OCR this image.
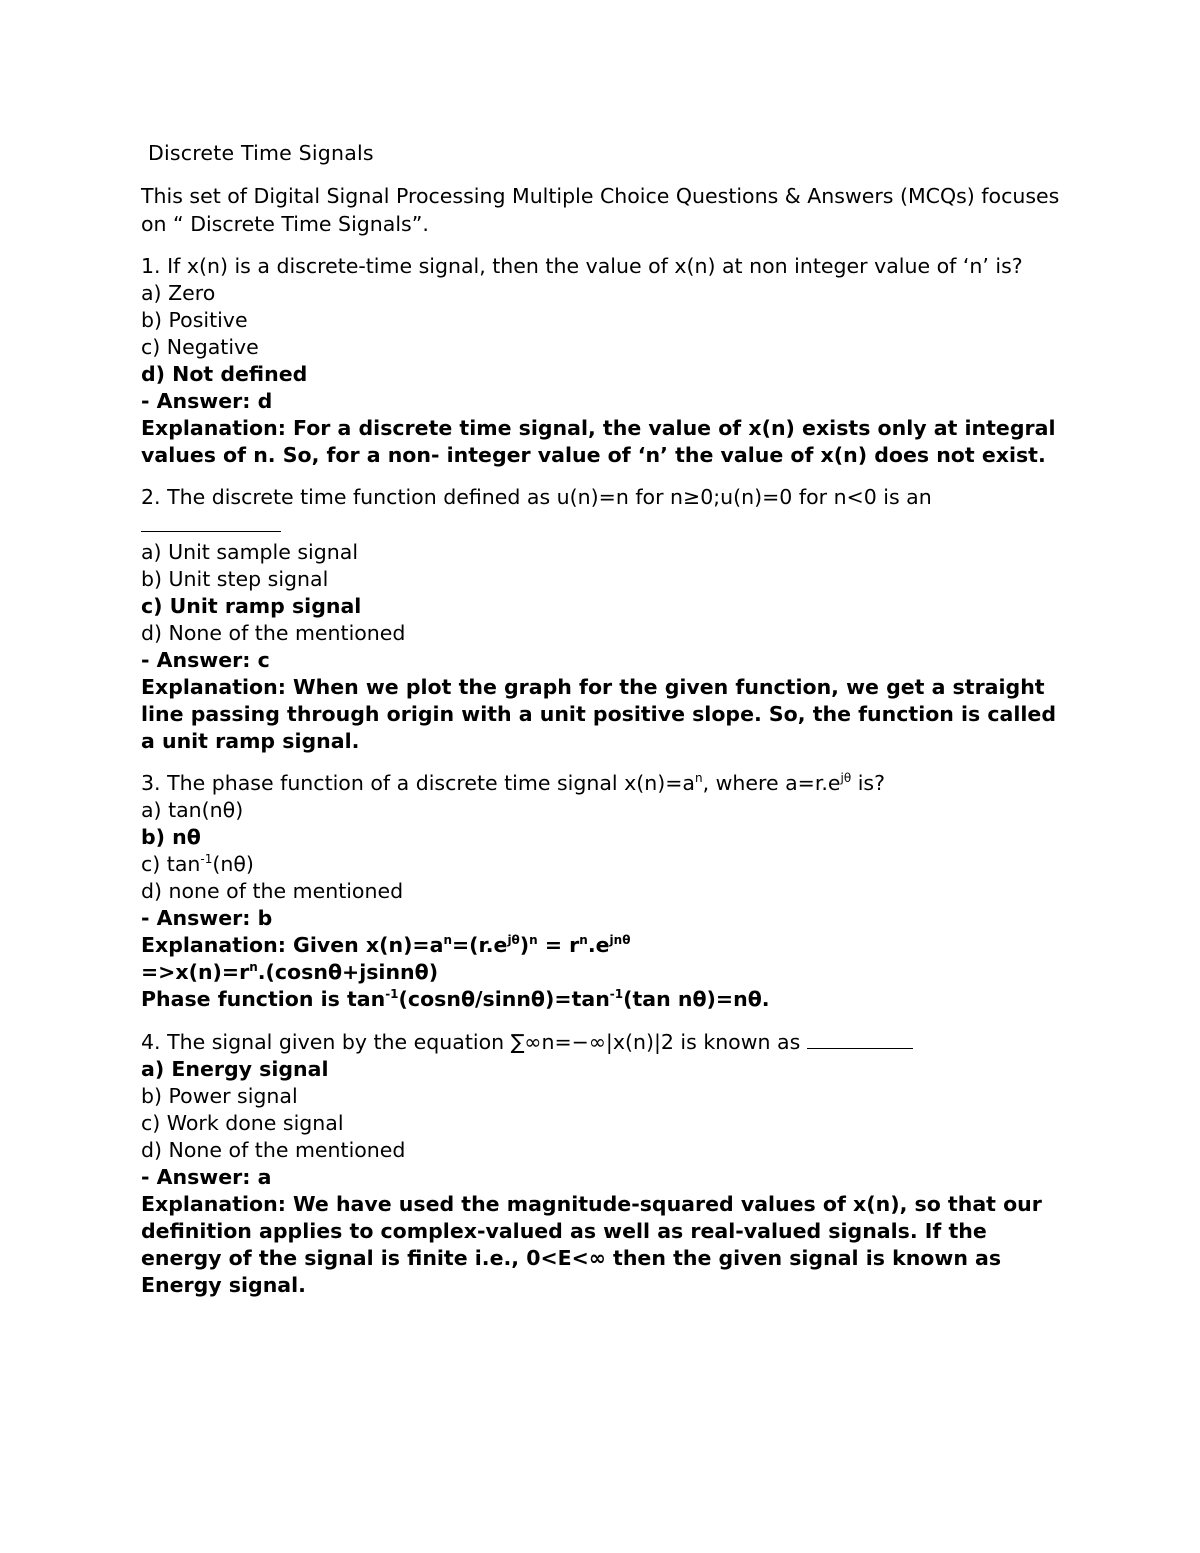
Discrete Time Signals

This set of Digital Signal Processing Multiple Choice Questions & Answers (MCQs) focuses on “ Discrete Time Signals”.

1. If x(n) is a discrete-time signal, then the value of x(n) at non integer value of ‘n’ is?
a) Zero
b) Positive
c) Negative
d) Not defined
- Answer: d
Explanation: For a discrete time signal, the value of x(n) exists only at integral values of n. So, for a non- integer value of ‘n’ the value of x(n) does not exist.
2. The discrete time function defined as u(n)=n for n≥0;u(n)=0 for n<0 is an
a) Unit sample signal
b) Unit step signal
c) Unit ramp signal
d) None of the mentioned
- Answer: c
Explanation: When we plot the graph for the given function, we get a straight line passing through origin with a unit positive slope. So, the function is called a unit ramp signal.
3. The phase function of a discrete time signal $x(n)=a^n$, where $a=r.e^{j\theta}$ is?
a) tan(nθ)
b) nθ
c) $\tan^{-1}(n\theta)$
d) none of the mentioned
- Answer: b
Explanation: Given $x(n)=a^n=(r.e^{j\theta})^n = r^n.e^{jn\theta}$
$=>x(n)=r^n.(\cos n\theta+jsinn\theta)$
Phase function is $\tan^{-1}(\cos n\theta/\sin n\theta)=\tan^{-1}(\tan$ nθ)=nθ.
4. The signal given by the equation ∑∞n=−∞|x(n)|2 is known as
a) Energy signal
b) Power signal
c) Work done signal
d) None of the mentioned
- Answer: a
Explanation: We have used the magnitude-squared values of x(n), so that our definition applies to complex-valued as well as real-valued signals. If the energy of the signal is finite i.e., 0<E<∞ then the given signal is known as Energy signal.
